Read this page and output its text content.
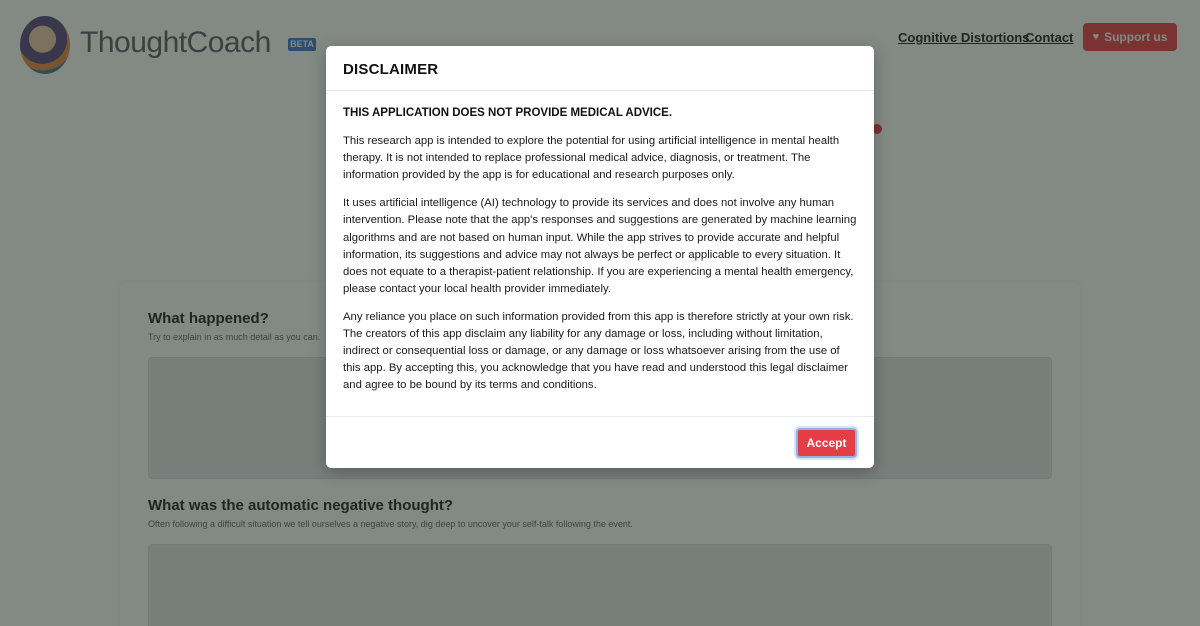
DISCLAIMER

THIS APPLICATION DOES NOT PROVIDE MEDICAL ADVICE.

This research app is intended to explore the potential for using artificial intelligence in mental health therapy. It is not intended to replace professional medical advice, diagnosis, or treatment. The information provided by the app is for educational and research purposes only.

It uses artificial intelligence (AI) technology to provide its services and does not involve any human intervention. Please note that the app's responses and suggestions are generated by machine learning algorithms and are not based on human input. While the app strives to provide accurate and helpful information, its suggestions and advice may not always be perfect or applicable to every situation. It does not equate to a therapist-patient relationship. If you are experiencing a mental health emergency, please contact your local health provider immediately.

Any reliance you place on such information provided from this app is therefore strictly at your own risk. The creators of this app disclaim any liability for any damage or loss, including without limitation, indirect or consequential loss or damage, or any damage or loss whatsoever arising from the use of this app. By accepting this, you acknowledge that you have read and understood this legal disclaimer and agree to be bound by its terms and conditions.

Accept
